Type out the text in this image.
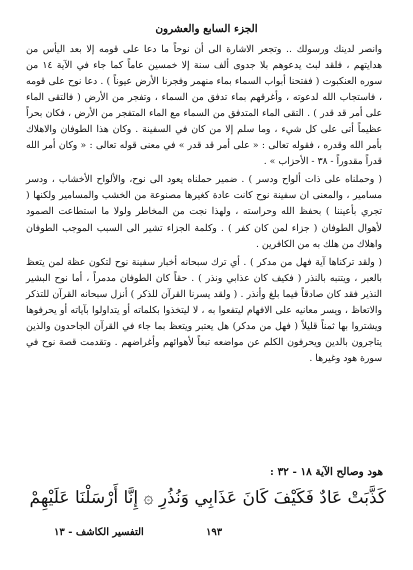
الجزء السابع والعشرون

وانصر لدينك ورسولك .. وتجعر الاشارة الى أن نوحاً ما دعا على قومه إلا بعد اليأس من هدايتهم ، فلقد لبث يدعوهم بلا جدوى ألف سنة إلا خمسين عاماً كما جاء في الآية ١٤ من سوره العنكبوت ( ففتحنا أبواب السماء بماء منهمر وفجرنا الأرض عيوناً ) . دعا نوح على قومه ، فاستجاب الله لدعوته ، وأغرقهم بماء تدفق من السماء ، وتفجر من الأرض ( فالتقى الماء على أمر قد قدر ) . التقى الماء المتدفق من السماء مع الماء المتفجر من الأرض ، فكان بحراً عظيماً أتى على كل شيء ، وما سلم إلا من كان في السفينة . وكان هذا الطوفان والاهلاك بأمر الله وقدره ، فقوله تعالى : « على أمر قد قدر » في معنى قوله تعالى : « وكان أمر الله قدراً مقدوراً - ٣٨ - الأحزاب » .

( وحملناه على ذات ألواح ودسر ) . ضمير حملناه يعود الى نوح، والألواح الأخشاب ، ودسر مسامير ، والمعنى ان سفينة نوح كانت عادة كغيرها مصنوعة من الخشب والمسامير ولكنها ( تجري بأعيننا ) بحفظ الله وحراسته ، ولهذا نجت من المخاطر ولولا ما استطاعت الصمود لأهوال الطوفان ( جزاء لمن كان كفر ) . وكلمة الجزاء تشير الى السبب الموجب الطوفان واهلاك من هلك به من الكافرين .

( ولقد تركناها آية فهل من مدكر ) . أي ترك سبحانه أخبار سفينة نوح لتكون عظة لمن يتعظ بالعبر ، ويتنبه بالنذر ( فكيف كان عذابي ونذر ) . حقاً كان الطوفان مدمراً ، أما نوح البشير النذير فقد كان صادقاً فيما بلغ وأنذر . ( ولقد يسرنا القرآن للذكر ) أنزل سبحانه القرآن للتذكر والاتعاظ ، ويسر معانيه على الافهام ليتفعوا به ، لا ليتخذوا بكلماته أو يتداولوا بآياته أو يحرفوها ويشتروا بها ثمناً قليلاً ( فهل من مدكر) هل يعتبر ويتعظ بما جاء في القرآن الجاحدون والذين يتاجرون بالدين ويحرفون الكلم عن مواضعه تبعاً لأهوائهم وأغراضهم . وتقدمت قصة نوح في سورة هود وغيرها .

هود وصالح الآية ١٨ - ٣٢ :
كَذَّبَتْ عَادٌ فَكَيْفَ كَانَ عَذَابِي وَنُذُرِ ۞ إِنَّا أَرْسَلْنَا عَلَيْهِمْ
١٩٣
التفسير الكاشف - ١٣
